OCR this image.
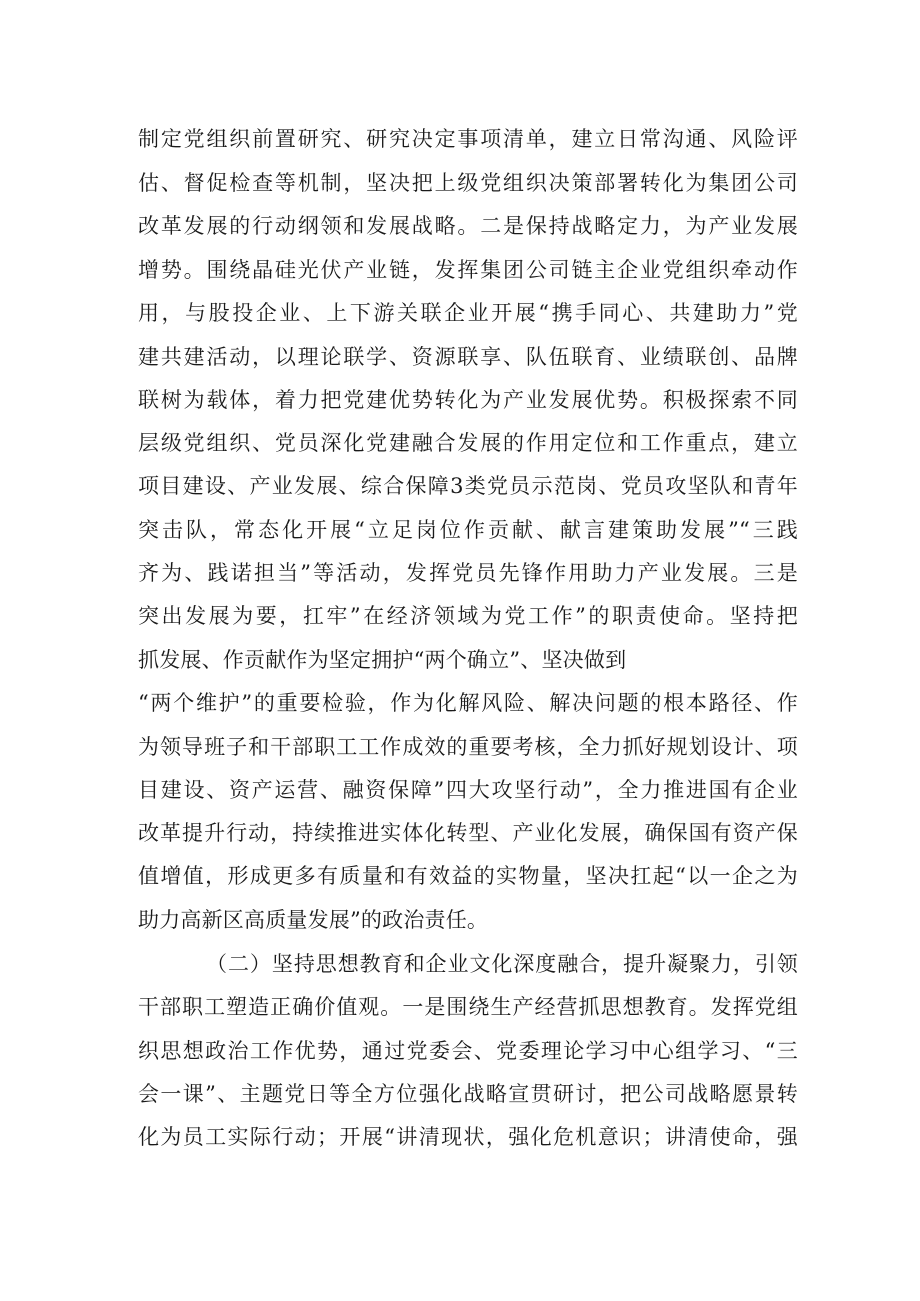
制定党组织前置研究、研究决定事项清单，建立日常沟通、风险评
估、督促检查等机制，坚决把上级党组织决策部署转化为集团公司
改革发展的行动纲领和发展战略。二是保持战略定力，为产业发展
增势。围绕晶硅光伏产业链，发挥集团公司链主企业党组织牵动作
用，与股投企业、上下游关联企业开展“携手同心、共建助力”党
建共建活动，以理论联学、资源联享、队伍联育、业绩联创、品牌
联树为载体，着力把党建优势转化为产业发展优势。积极探索不同
层级党组织、党员深化党建融合发展的作用定位和工作重点，建立
项目建设、产业发展、综合保障3类党员示范岗、党员攻坚队和青年
突击队，常态化开展“立足岗位作贡献、献言建策助发展”“三践
齐为、践诺担当”等活动，发挥党员先锋作用助力产业发展。三是
突出发展为要，扛牢”在经济领域为党工作”的职责使命。坚持把
抓发展、作贡献作为坚定拥护“两个确立”、坚决做到
“两个维护”的重要检验，作为化解风险、解决问题的根本路径、作
为领导班子和干部职工工作成效的重要考核，全力抓好规划设计、项
目建设、资产运营、融资保障”四大攻坚行动”，全力推进国有企业
改革提升行动，持续推进实体化转型、产业化发展，确保国有资产保
值增值，形成更多有质量和有效益的实物量，坚决扛起“以一企之为
助力高新区高质量发展”的政治责任。
（二）坚持思想教育和企业文化深度融合，提升凝聚力，引领
干部职工塑造正确价值观。一是围绕生产经营抓思想教育。发挥党组
织思想政治工作优势，通过党委会、党委理论学习中心组学习、“三
会一课”、主题党日等全方位强化战略宣贯研讨，把公司战略愿景转
化为员工实际行动；开展“讲清现状，强化危机意识；讲清使命，强
